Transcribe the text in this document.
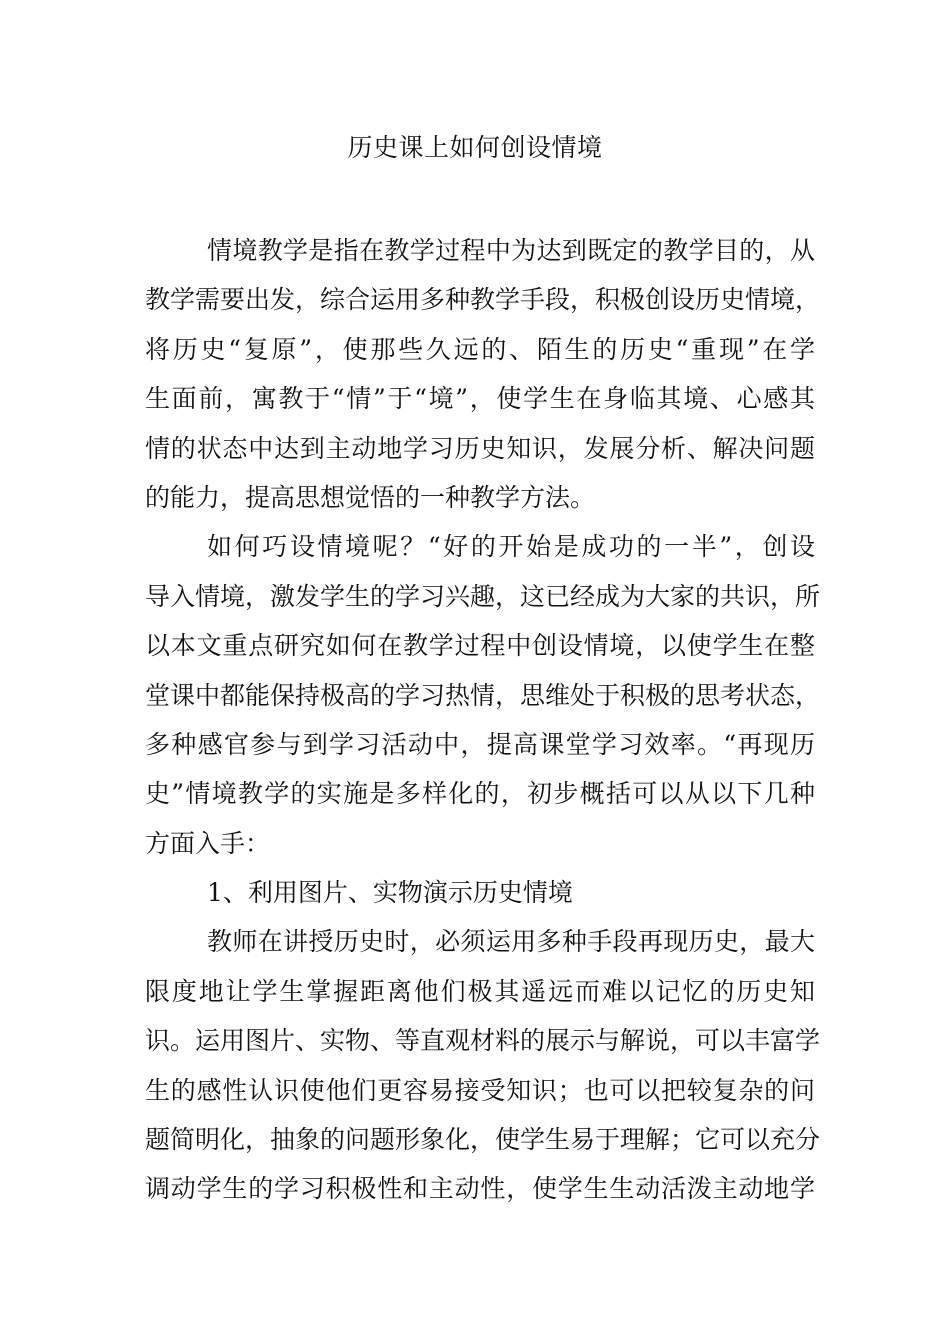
历史课上如何创设情境
情境教学是指在教学过程中为达到既定的教学目的，从
教学需要出发，综合运用多种教学手段，积极创设历史情境，
将历史“复原”，使那些久远的、陌生的历史“重现”在学
生面前，寓教于“情”于“境”，使学生在身临其境、心感其
情的状态中达到主动地学习历史知识，发展分析、解决问题
的能力，提高思想觉悟的一种教学方法。
如何巧设情境呢？“好的开始是成功的一半”，创设
导入情境，激发学生的学习兴趣，这已经成为大家的共识，所
以本文重点研究如何在教学过程中创设情境，以使学生在整
堂课中都能保持极高的学习热情，思维处于积极的思考状态，
多种感官参与到学习活动中，提高课堂学习效率。“再现历
史”情境教学的实施是多样化的，初步概括可以从以下几种
方面入手：
1、利用图片、实物演示历史情境
教师在讲授历史时，必须运用多种手段再现历史，最大
限度地让学生掌握距离他们极其遥远而难以记忆的历史知
识。运用图片、实物、等直观材料的展示与解说，可以丰富学
生的感性认识使他们更容易接受知识；也可以把较复杂的问
题简明化，抽象的问题形象化，使学生易于理解；它可以充分
调动学生的学习积极性和主动性，使学生生动活泼主动地学
